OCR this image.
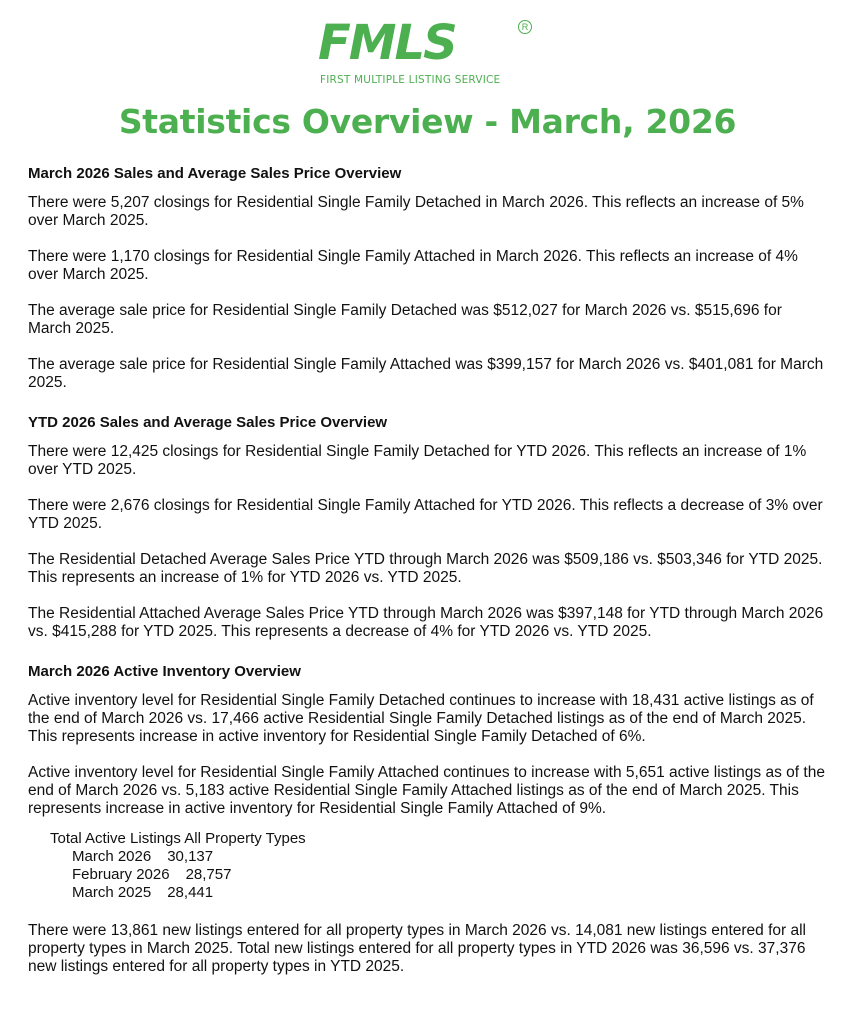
FMLS	R
FIRST MULTIPLE LISTING SERVICE
Statistics Overview - March, 2026
March 2026 Sales and Average Sales Price Overview

There were 5,207 closings for Residential Single Family Detached in March 2026. This reflects an increase of 5% over March 2025.

There were 1,170 closings for Residential Single Family Attached in March 2026. This reflects an increase of 4% over March 2025.

The average sale price for Residential Single Family Detached was $512,027 for March 2026 vs. $515,696 for March 2025.

The average sale price for Residential Single Family Attached was $399,157 for March 2026 vs. $401,081 for March 2025.

YTD 2026 Sales and Average Sales Price Overview

There were 12,425 closings for Residential Single Family Detached for YTD 2026. This reflects an increase of 1% over YTD 2025.

There were 2,676 closings for Residential Single Family Attached for YTD 2026. This reflects a decrease of 3% over YTD 2025.

The Residential Detached Average Sales Price YTD through March 2026 was $509,186 vs. $503,346 for YTD 2025. This represents an increase of 1% for YTD 2026 vs. YTD 2025.

The Residential Attached Average Sales Price YTD through March 2026 was $397,148 for YTD through March 2026 vs. $415,288 for YTD 2025. This represents a decrease of 4% for YTD 2026 vs. YTD 2025.

March 2026 Active Inventory Overview

Active inventory level for Residential Single Family Detached continues to increase with 18,431 active listings as of the end of March 2026 vs. 17,466 active Residential Single Family Detached listings as of the end of March 2025. This represents increase in active inventory for Residential Single Family Detached of 6%.

Active inventory level for Residential Single Family Attached continues to increase with 5,651 active listings as of the end of March 2026 vs. 5,183 active Residential Single Family Attached listings as of the end of March 2025. This represents increase in active inventory for Residential Single Family Attached of 9%.

Total Active Listings All Property Types
March 2026 30,137
February 2026 28,757
March 2025 28,441

There were 13,861 new listings entered for all property types in March 2026 vs. 14,081 new listings entered for all property types in March 2025. Total new listings entered for all property types in YTD 2026 was 36,596 vs. 37,376 new listings entered for all property types in YTD 2025.
